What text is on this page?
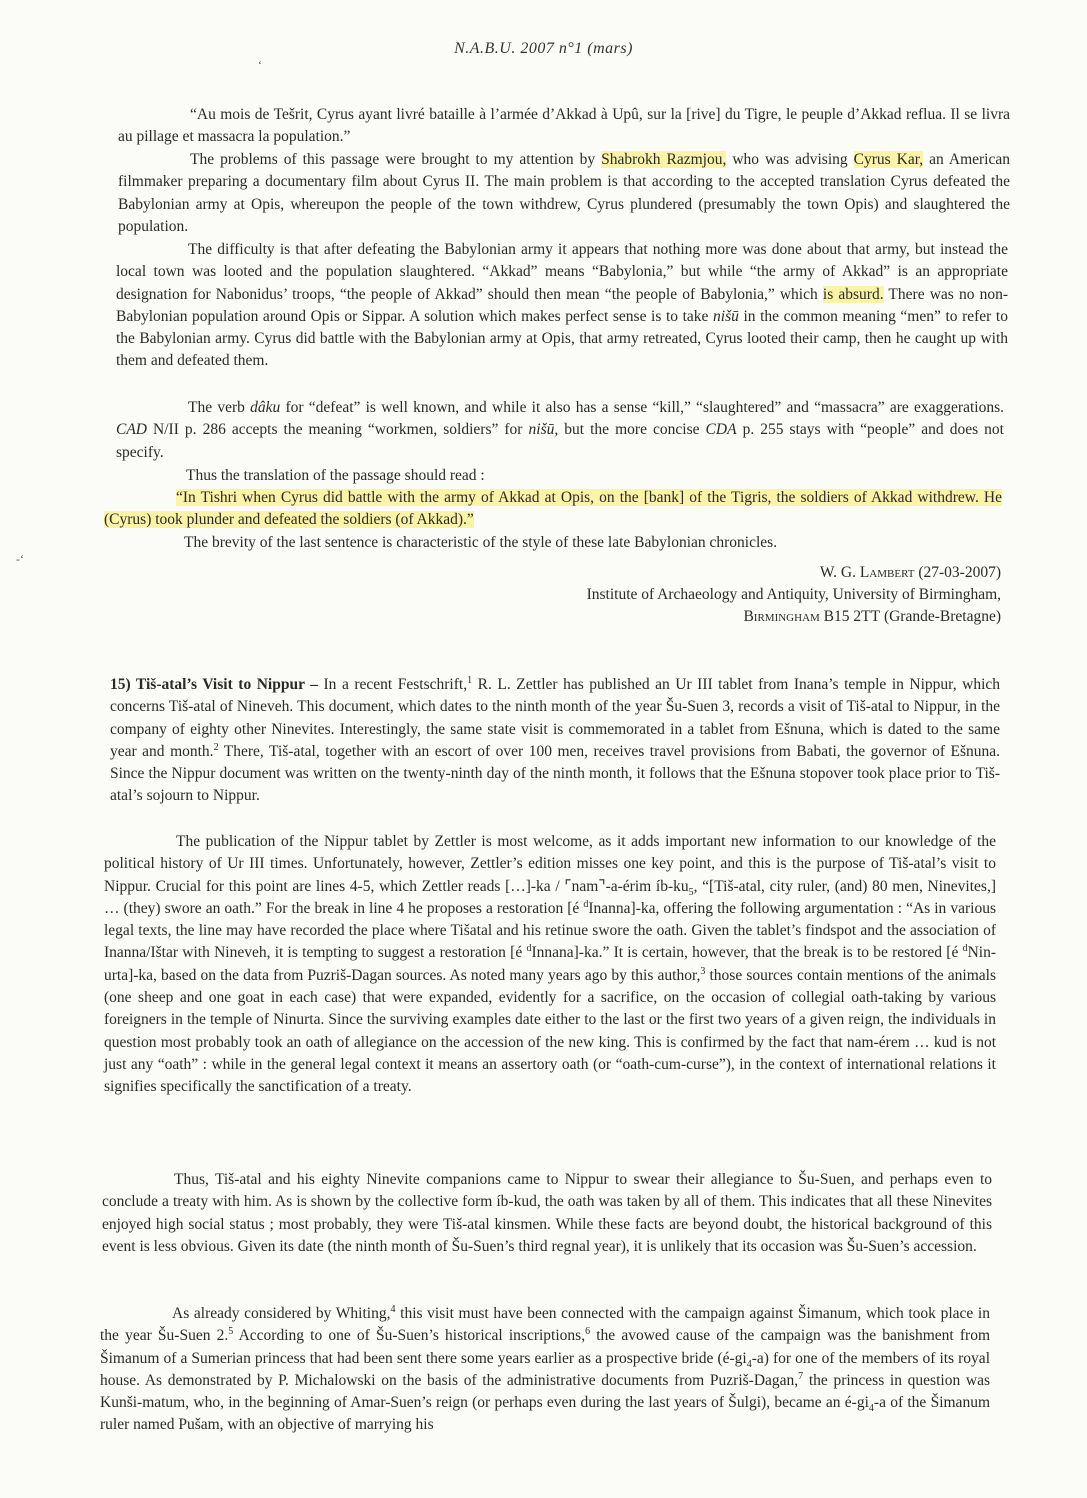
N.A.B.U. 2007 n°1 (mars)
‘
-‘

“Au mois de Tešrit, Cyrus ayant livré bataille à l’armée d’Akkad à Upû, sur la [rive] du Tigre, le peuple d’Akkad reflua. Il se livra au pillage et massacra la population.”

The problems of this passage were brought to my attention by Shabrokh Razmjou, who was advising Cyrus Kar, an American filmmaker preparing a documentary film about Cyrus II. The main problem is that according to the accepted translation Cyrus defeated the Babylonian army at Opis, whereupon the people of the town withdrew, Cyrus plundered (presumably the town Opis) and slaughtered the population.

The difficulty is that after defeating the Babylonian army it appears that nothing more was done about that army, but instead the local town was looted and the population slaughtered. “Akkad” means “Babylonia,” but while “the army of Akkad” is an appropriate designation for Nabonidus’ troops, “the people of Akkad” should then mean “the people of Babylonia,” which is absurd. There was no non-Babylonian population around Opis or Sippar. A solution which makes perfect sense is to take nišū in the common meaning “men” to refer to the Babylonian army. Cyrus did battle with the Babylonian army at Opis, that army retreated, Cyrus looted their camp, then he caught up with them and defeated them.

The verb dâku for “defeat” is well known, and while it also has a sense “kill,” “slaughtered” and “massacra” are exaggerations. CAD N/II p. 286 accepts the meaning “workmen, soldiers” for nišū, but the more concise CDA p. 255 stays with “people” and does not specify.

Thus the translation of the passage should read :

“In Tishri when Cyrus did battle with the army of Akkad at Opis, on the [bank] of the Tigris, the soldiers of Akkad withdrew. He (Cyrus) took plunder and defeated the soldiers (of Akkad).”

The brevity of the last sentence is characteristic of the style of these late Babylonian chronicles.

W. G. Lambert (27-03-2007)
Institute of Archaeology and Antiquity, University of Birmingham,
Birmingham B15 2TT (Grande-Bretagne)

15) Tiš-atal’s Visit to Nippur – In a recent Festschrift,$^1$ R. L. Zettler has published an Ur III tablet from Inana’s temple in Nippur, which concerns Tiš-atal of Nineveh. This document, which dates to the ninth month of the year Šu-Suen 3, records a visit of Tiš-atal to Nippur, in the company of eighty other Ninevites. Interestingly, the same state visit is commemorated in a tablet from Ešnuna, which is dated to the same year and month.$^2$ There, Tiš-atal, together with an escort of over 100 men, receives travel provisions from Babati, the governor of Ešnuna. Since the Nippur document was written on the twenty-ninth day of the ninth month, it follows that the Ešnuna stopover took place prior to Tiš-atal’s sojourn to Nippur.

The publication of the Nippur tablet by Zettler is most welcome, as it adds important new information to our knowledge of the political history of Ur III times. Unfortunately, however, Zettler’s edition misses one key point, and this is the purpose of Tiš-atal’s visit to Nippur. Crucial for this point are lines 4-5, which Zettler reads […]-ka / ⌜nam⌝-a-érim $íb-ku_5$, “[Tiš-atal, city ruler, (and) 80 men, Ninevites,] … (they) swore an oath.” For the break in line 4 he proposes a restoration [é $^d$Inanna]-ka, offering the following argumentation : “As in various legal texts, the line may have recorded the place where Tišatal and his retinue swore the oath. Given the tablet’s findspot and the association of Inanna/Ištar with Nineveh, it is tempting to suggest a restoration [é $^d$Innana]-ka.” It is certain, however, that the break is to be restored [é $^d$Nin-urta]-ka, based on the data from Puzriš-Dagan sources. As noted many years ago by this author,$^3$ those sources contain mentions of the animals (one sheep and one goat in each case) that were expanded, evidently for a sacrifice, on the occasion of collegial oath-taking by various foreigners in the temple of Ninurta. Since the surviving examples date either to the last or the first two years of a given reign, the individuals in question most probably took an oath of allegiance on the accession of the new king. This is confirmed by the fact that nam-érem … kud is not just any “oath” : while in the general legal context it means an assertory oath (or “oath-cum-curse”), in the context of international relations it signifies specifically the sanctification of a treaty.

Thus, Tiš-atal and his eighty Ninevite companions came to Nippur to swear their allegiance to Šu-Suen, and perhaps even to conclude a treaty with him. As is shown by the collective form íb-kud, the oath was taken by all of them. This indicates that all these Ninevites enjoyed high social status ; most probably, they were Tiš-atal kinsmen. While these facts are beyond doubt, the historical background of this event is less obvious. Given its date (the ninth month of Šu-Suen’s third regnal year), it is unlikely that its occasion was Šu-Suen’s accession.

As already considered by Whiting,$^4$ this visit must have been connected with the campaign against Šimanum, which took place in the year Šu-Suen 2.$^5$ According to one of Šu-Suen’s historical inscriptions,$^6$ the avowed cause of the campaign was the banishment from Šimanum of a Sumerian princess that had been sent there some years earlier as a prospective bride $(é-gi_4-a)$ for one of the members of its royal house. As demonstrated by P. Michalowski on the basis of the administrative documents from Puzriš-Dagan,$^7$ the princess in question was Kunši-matum, who, in the beginning of Amar-Suen’s reign (or perhaps even during the last years of Šulgi), became an $é-gi_4-a$ of the Šimanum ruler named Pušam, with an objective of marrying his
